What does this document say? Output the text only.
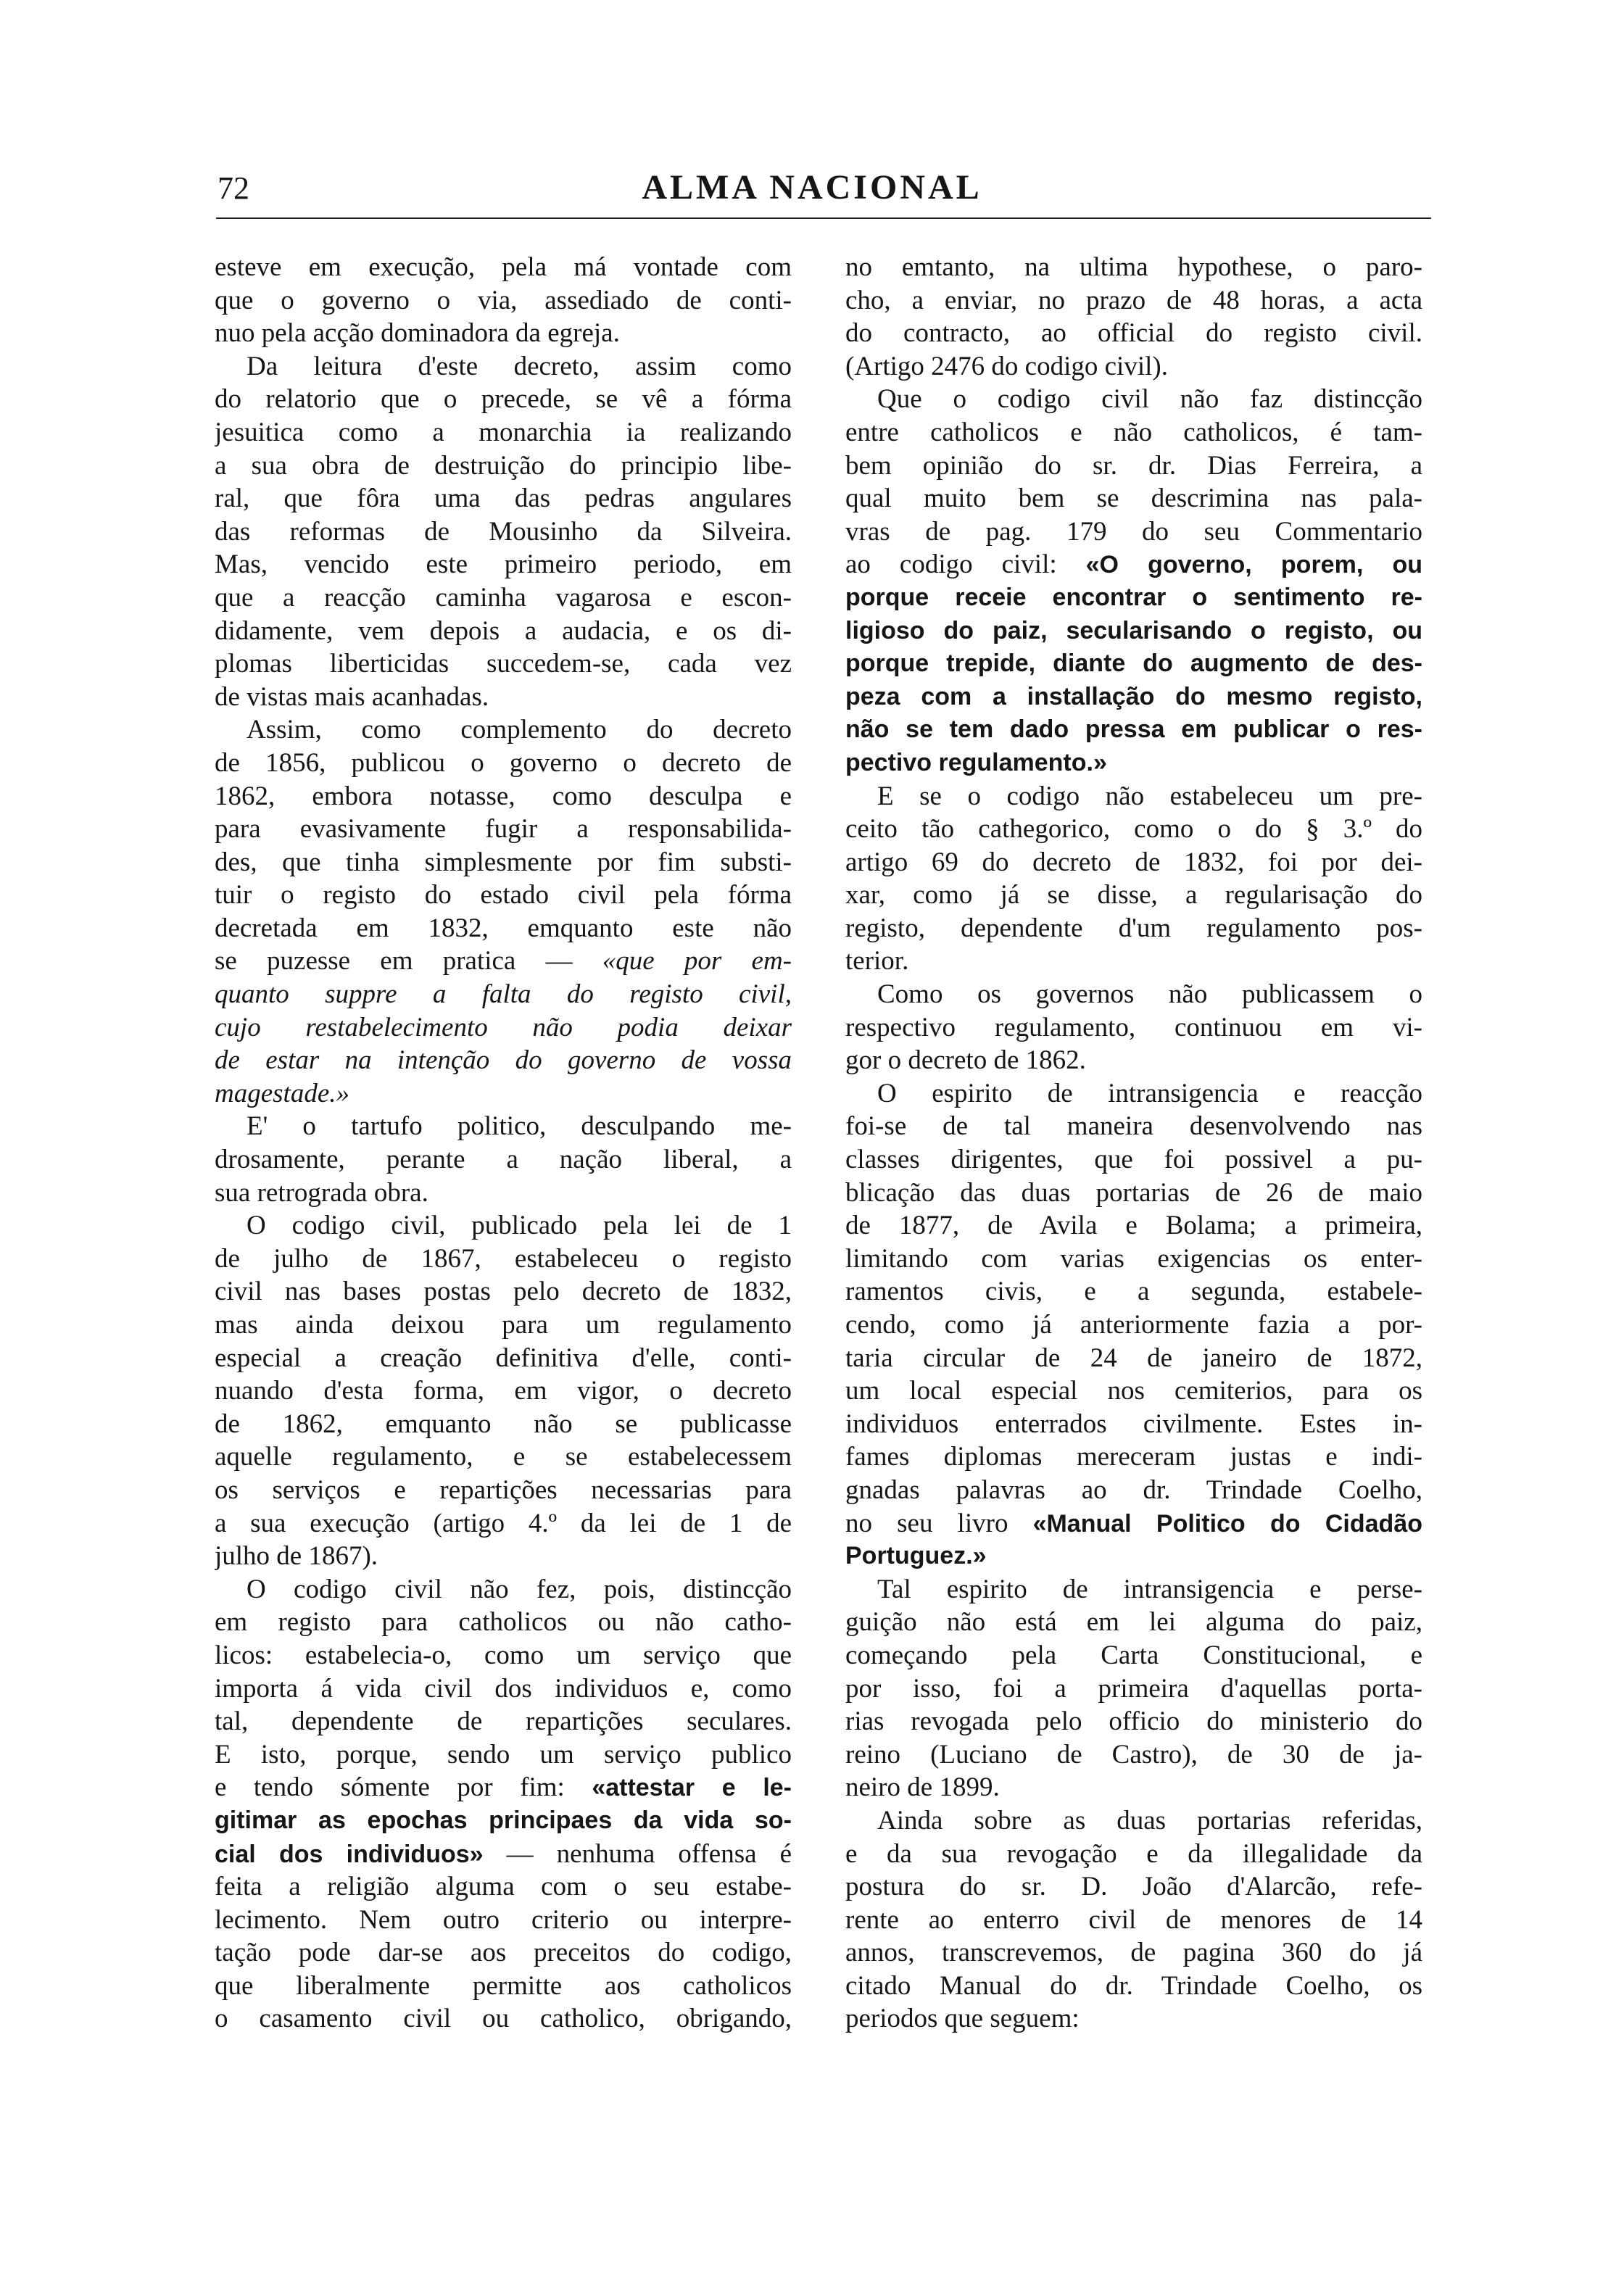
72	ALMA NACIONAL
esteve em execução, pela má vontade com
que o governo o via, assediado de conti-
nuo pela acção dominadora da egreja.
Da leitura d'este decreto, assim como
do relatorio que o precede, se vê a fórma
jesuitica como a monarchia ia realizando
a sua obra de destruição do principio libe-
ral, que fôra uma das pedras angulares
das reformas de Mousinho da Silveira.
Mas, vencido este primeiro periodo, em
que a reacção caminha vagarosa e escon-
didamente, vem depois a audacia, e os di-
plomas liberticidas succedem-se, cada vez
de vistas mais acanhadas.
Assim, como complemento do decreto
de 1856, publicou o governo o decreto de
1862, embora notasse, como desculpa e
para evasivamente fugir a responsabilida-
des, que tinha simplesmente por fim substi-
tuir o registo do estado civil pela fórma
decretada em 1832, emquanto este não
se puzesse em pratica — «que por em-
quanto suppre a falta do registo civil,
cujo restabelecimento não podia deixar
de estar na intenção do governo de vossa
magestade.»
E' o tartufo politico, desculpando me-
drosamente, perante a nação liberal, a
sua retrograda obra.
O codigo civil, publicado pela lei de 1
de julho de 1867, estabeleceu o registo
civil nas bases postas pelo decreto de 1832,
mas ainda deixou para um regulamento
especial a creação definitiva d'elle, conti-
nuando d'esta forma, em vigor, o decreto
de 1862, emquanto não se publicasse
aquelle regulamento, e se estabelecessem
os serviços e repartições necessarias para
a sua execução (artigo 4.º da lei de 1 de
julho de 1867).
O codigo civil não fez, pois, distincção
em registo para catholicos ou não catho-
licos: estabelecia-o, como um serviço que
importa á vida civil dos individuos e, como
tal, dependente de repartições seculares.
E isto, porque, sendo um serviço publico
e tendo sómente por fim: «attestar e le-
gitimar as epochas principaes da vida so-
cial dos individuos» — nenhuma offensa é
feita a religião alguma com o seu estabe-
lecimento. Nem outro criterio ou interpre-
tação pode dar-se aos preceitos do codigo,
que liberalmente permitte aos catholicos
o casamento civil ou catholico, obrigando,
no emtanto, na ultima hypothese, o paro-
cho, a enviar, no prazo de 48 horas, a acta
do contracto, ao official do registo civil.
(Artigo 2476 do codigo civil).
Que o codigo civil não faz distincção
entre catholicos e não catholicos, é tam-
bem opinião do sr. dr. Dias Ferreira, a
qual muito bem se descrimina nas pala-
vras de pag. 179 do seu Commentario
ao codigo civil: «O governo, porem, ou
porque receie encontrar o sentimento re-
ligioso do paiz, secularisando o registo, ou
porque trepide, diante do augmento de des-
peza com a installação do mesmo registo,
não se tem dado pressa em publicar o res-
pectivo regulamento.»
E se o codigo não estabeleceu um pre-
ceito tão cathegorico, como o do § 3.º do
artigo 69 do decreto de 1832, foi por dei-
xar, como já se disse, a regularisação do
registo, dependente d'um regulamento pos-
terior.
Como os governos não publicassem o
respectivo regulamento, continuou em vi-
gor o decreto de 1862.
O espirito de intransigencia e reacção
foi-se de tal maneira desenvolvendo nas
classes dirigentes, que foi possivel a pu-
blicação das duas portarias de 26 de maio
de 1877, de Avila e Bolama; a primeira,
limitando com varias exigencias os enter-
ramentos civis, e a segunda, estabele-
cendo, como já anteriormente fazia a por-
taria circular de 24 de janeiro de 1872,
um local especial nos cemiterios, para os
individuos enterrados civilmente. Estes in-
fames diplomas mereceram justas e indi-
gnadas palavras ao dr. Trindade Coelho,
no seu livro «Manual Politico do Cidadão
Portuguez.»
Tal espirito de intransigencia e perse-
guição não está em lei alguma do paiz,
começando pela Carta Constitucional, e
por isso, foi a primeira d'aquellas porta-
rias revogada pelo officio do ministerio do
reino (Luciano de Castro), de 30 de ja-
neiro de 1899.
Ainda sobre as duas portarias referidas,
e da sua revogação e da illegalidade da
postura do sr. D. João d'Alarcão, refe-
rente ao enterro civil de menores de 14
annos, transcrevemos, de pagina 360 do já
citado Manual do dr. Trindade Coelho, os
periodos que seguem:
